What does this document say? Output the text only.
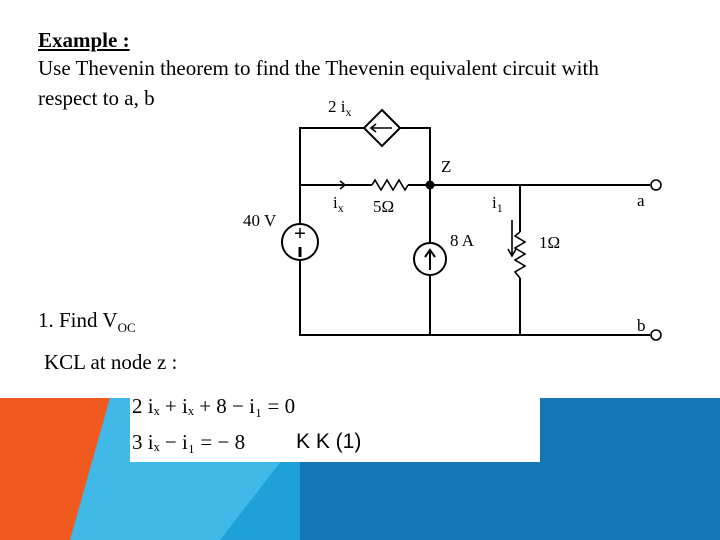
Example :
Use Thevenin theorem to find the Thevenin equivalent circuit with
respect to a, b
+
2 $i_x$
Z
$i_x$ 5Ω	$i_1$	a
b
40 V
8 A	1Ω
1. Find $V_{OC}$
KCL at node z :
2 iₓ + iₓ + 8 − i₁ = 0
3 iₓ − i₁ = − 8 K K (1)
